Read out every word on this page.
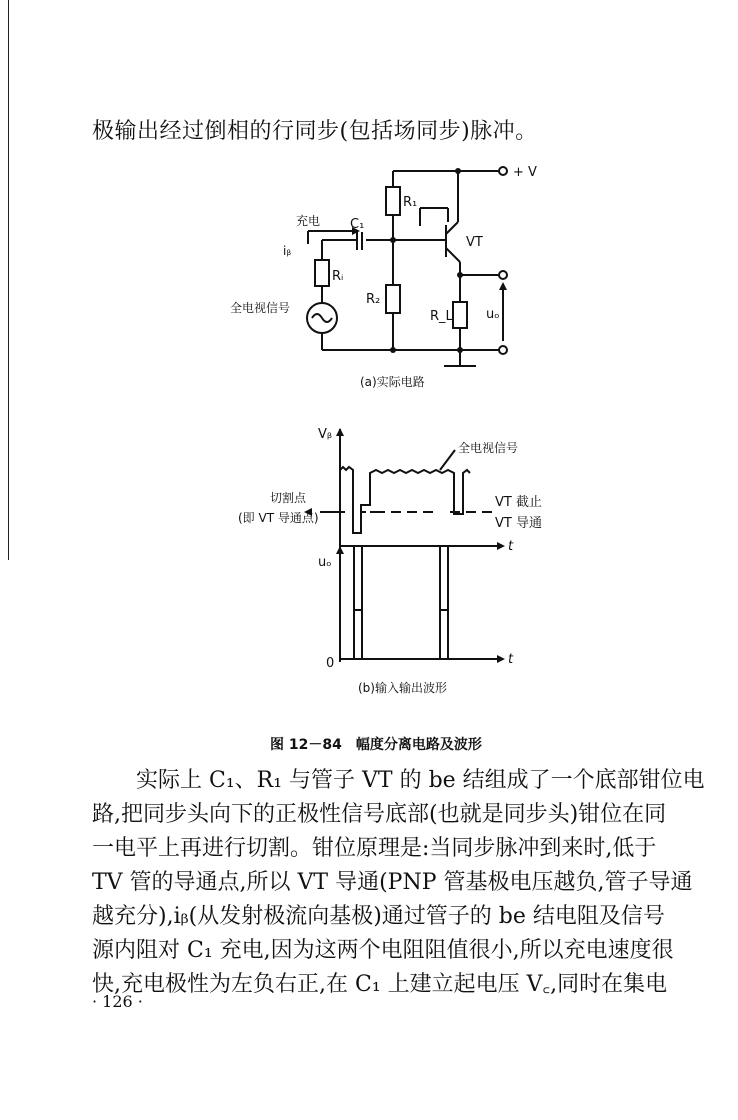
极输出经过倒相的行同步(包括场同步)脉冲。
+ V
R₁
C₁
充电
iᵦ
Rᵢ
R₂
R_L
VT
uₒ
全电视信号
(a)实际电路
Vᵦ
全电视信号
切割点
(即 VT 导通点)
VT 截止
VT 导通
t
t
uₒ
0
(b)输入输出波形
图 12－84　幅度分离电路及波形
实际上 C₁、R₁ 与管子 VT 的 be 结组成了一个底部钳位电
路,把同步头向下的正极性信号底部(也就是同步头)钳位在同
一电平上再进行切割。钳位原理是:当同步脉冲到来时,低于
TV 管的导通点,所以 VT 导通(PNP 管基极电压越负,管子导通
越充分),iᵦ(从发射极流向基极)通过管子的 be 结电阻及信号
源内阻对 C₁ 充电,因为这两个电阻阻值很小,所以充电速度很
快,充电极性为左负右正,在 C₁ 上建立起电压 V꜀,同时在集电
· 126 ·
